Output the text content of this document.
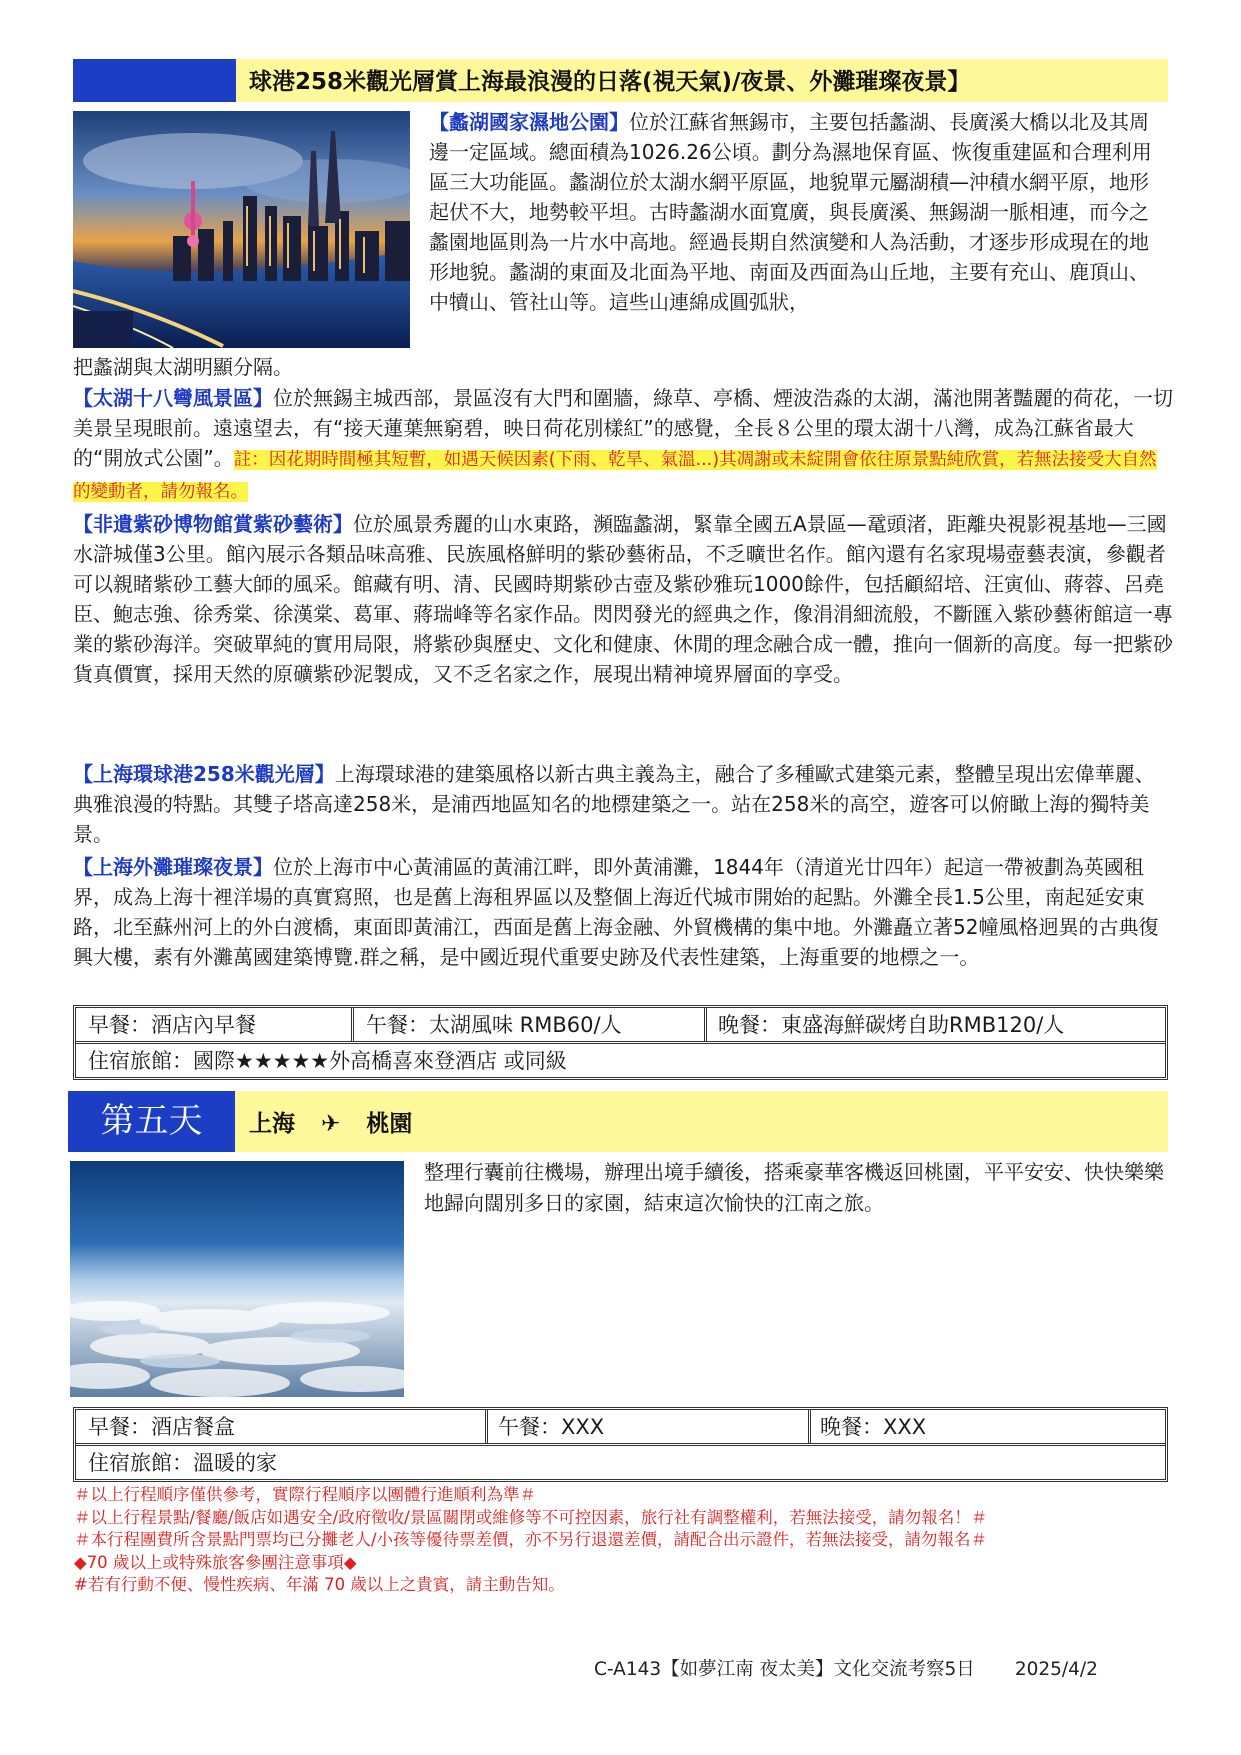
球港258米觀光層賞上海最浪漫的日落(視天氣)/夜景、外灘璀璨夜景】

【蠡湖國家濕地公園】位於江蘇省無錫市，主要包括蠡湖、長廣溪大橋以北及其周邊一定區域。總面積為1026.26公頃。劃分為濕地保育區、恢復重建區和合理利用區三大功能區。蠡湖位於太湖水網平原區，地貌單元屬湖積—沖積水網平原，地形起伏不大，地勢較平坦。古時蠡湖水面寬廣，與長廣溪、無錫湖一脈相連，而今之蠡園地區則為一片水中高地。經過長期自然演變和人為活動，才逐步形成現在的地形地貌。蠡湖的東面及北面為平地、南面及西面為山丘地，主要有充山、鹿頂山、中犢山、管社山等。這些山連綿成圓弧狀，

把蠡湖與太湖明顯分隔。

【太湖十八彎風景區】位於無錫主城西部，景區沒有大門和圍牆，綠草、亭橋、煙波浩淼的太湖，滿池開著豔麗的荷花，一切美景呈現眼前。遠遠望去，有“接天蓮葉無窮碧，映日荷花別樣紅”的感覺，全長８公里的環太湖十八灣，成為江蘇省最大的“開放式公園”。註：因花期時間極其短暫，如遇天候因素(下雨、乾旱、氣溫...)其凋謝或未綻開會依往原景點純欣賞，若無法接受大自然的變動者，請勿報名。

【非遺紫砂博物館賞紫砂藝術】位於風景秀麗的山水東路，瀕臨蠡湖，緊靠全國五A景區—鼋頭渚，距離央視影視基地—三國水滸城僅3公里。館內展示各類品味高雅、民族風格鮮明的紫砂藝術品，不乏曠世名作。館內還有名家現場壺藝表演，參觀者可以親睹紫砂工藝大師的風采。館藏有明、清、民國時期紫砂古壺及紫砂雅玩1000餘件，包括顧紹培、汪寅仙、蔣蓉、呂堯臣、鮑志強、徐秀棠、徐漢棠、葛軍、蔣瑞峰等名家作品。閃閃發光的經典之作，像涓涓細流般，不斷匯入紫砂藝術館這一專業的紫砂海洋。突破單純的實用局限，將紫砂與歷史、文化和健康、休閒的理念融合成一體，推向一個新的高度。每一把紫砂貨真價實，採用天然的原礦紫砂泥製成，又不乏名家之作，展現出精神境界層面的享受。

【上海環球港258米觀光層】上海環球港的建築風格以新古典主義為主，融合了多種歐式建築元素，整體呈現出宏偉華麗、典雅浪漫的特點。其雙子塔高達258米，是浦西地區知名的地標建築之一。站在258米的高空，遊客可以俯瞰上海的獨特美景。

【上海外灘璀璨夜景】位於上海市中心黃浦區的黃浦江畔，即外黃浦灘，1844年（清道光廿四年）起這一帶被劃為英國租界，成為上海十裡洋場的真實寫照，也是舊上海租界區以及整個上海近代城市開始的起點。外灘全長1.5公里，南起延安東路，北至蘇州河上的外白渡橋，東面即黃浦江，西面是舊上海金融、外貿機構的集中地。外灘矗立著52幢風格迥異的古典復興大樓，素有外灘萬國建築博覽.群之稱，是中國近現代重要史跡及代表性建築，上海重要的地標之一。

早餐：酒店內早餐	午餐：太湖風味 RMB60/人	晚餐：東盛海鮮碳烤自助RMB120/人
住宿旅館：國際★★★★★外高橋喜來登酒店 或同級
第五天	上海 ✈ 桃園

整理行囊前往機場，辦理出境手續後，搭乘豪華客機返回桃園，平平安安、快快樂樂地歸向闊別多日的家園，結束這次愉快的江南之旅。

早餐：酒店餐盒	午餐：XXX	晚餐：XXX
住宿旅館：溫暖的家
＃以上行程順序僅供參考，實際行程順序以團體行進順利為準＃
＃以上行程景點/餐廳/飯店如遇安全/政府徵收/景區關閉或維修等不可控因素，旅行社有調整權利，若無法接受，請勿報名！＃
＃本行程團費所含景點門票均已分攤老人/小孩等優待票差價，亦不另行退還差價，請配合出示證件，若無法接受，請勿報名＃
◆70 歲以上或特殊旅客參團注意事項◆
#若有行動不便、慢性疾病、年滿 70 歲以上之貴賓，請主動告知。
C-A143【如夢江南 夜太美】文化交流考察5日 2025/4/2
